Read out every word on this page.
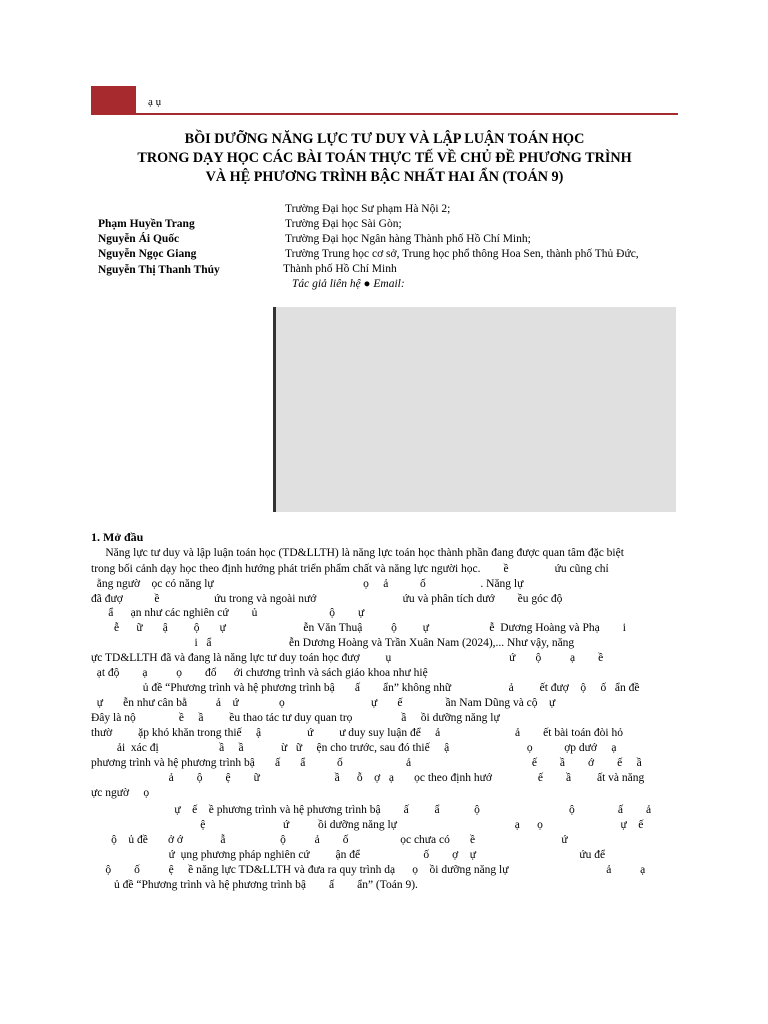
ạ ụ
BỒI DƯỠNG NĂNG LỰC TƯ DUY VÀ LẬP LUẬN TOÁN HỌC
TRONG DẠY HỌC CÁC BÀI TOÁN THỰC TẾ VỀ CHỦ ĐỀ PHƯƠNG TRÌNH
VÀ HỆ PHƯƠNG TRÌNH BẬC NHẤT HAI ẨN (TOÁN 9)
Phạm Huyền Trang
Nguyễn Ái Quốc
Nguyễn Ngọc Giang
Nguyễn Thị Thanh Thúy
Trường Đại học Sư phạm Hà Nội 2;
Trường Đại học Sài Gòn;
Trường Đại học Ngân hàng Thành phố Hồ Chí Minh;
Trường Trung học cơ sở, Trung học phổ thông Hoa Sen, thành phố Thủ Đức,
Thành phố Hồ Chí Minh
Tác giả liên hệ ● Email:
1. Mở đầu
Năng lực tư duy và lập luận toán học (TD&LLTH) là năng lực toán học thành phần đang được quan tâm đặc biệt
trong bối cảnh dạy học theo định hướng phát triển phẩm chất và năng lực người học.        ề                ứu cũng chỉ
ằng ngườ    ọc có năng lự                                                    ọ     ả           ố                   . Năng lự
đã đượ           ề                   ứu trong và ngoài nướ                              ứu và phân tích dướ        ều góc độ
ẩ      ạn như các nghiên cứ        ủ                         ộ        ự
ễ      ữ       ậ         ộ       ự                           ễn Văn Thuậ          ộ         ự                     ễ  Dương Hoàng và Phạ        i
i   ẩ                           ễn Dương Hoàng và Trần Xuân Nam (2024),... Như vậy, năng
ực TD&LLTH đã và đang là năng lực tư duy toán học đượ         ụ                                         ứ       ộ          ạ        ề
ạt độ        ạ          ọ        đố      ới chương trình và sách giáo khoa như hiệ
ủ đề “Phương trình và hệ phương trình bậ       ấ        ẩn” không nhữ                    ả         ết đượ    ộ     ố   ẩn đề
ự       ễn như cân bằ          ả    ứ              ọ                              ự       ế               ần Nam Dũng và cộ    ự
Đây là nộ               ề     ầ         ều thao tác tư duy quan trọ                 ầ     ồi dưỡng năng lự
thườ         ặp khó khăn trong thiế     ậ                ứ         ư duy suy luận để     ả                          ả        ết bài toán đòi hỏ
ải  xác đị                     ầ     ầ             ừ   ữ     ện cho trước, sau đó thiế     ậ                           ọ           ợp dướ     ạ
phương trình và hệ phương trình bậ       ấ       ẩ           ố                      ả                                          ế        ầ        ớ        ế     ầ
ả        ộ        ệ        ữ                          ầ      ỗ    ợ   ạ       ọc theo định hướ                ế        ầ         ất và năng
ực ngườ     ọ
ự    ế    ề phương trình và hệ phương trình bậ        ấ         ẩ            ộ                               ộ               ấ        ả
ệ                           ứ          ồi dưỡng năng lự                                         ạ      ọ                           ự    ế
ộ    ủ đề       ở ớ             ẫ                   ộ          ả        ố                  ọc chưa có       ề                              ứ
ứ  ụng phương pháp nghiên cứ         ận để                      ố        ợ    ự                                    ứu để
ộ        ố          ệ     ề năng lực TD&LLTH và đưa ra quy trình dạ      ọ    ồi dưỡng năng lự                                  ả          ạ
ủ đề “Phương trình và hệ phương trình bậ        ấ        ẩn” (Toán 9).
